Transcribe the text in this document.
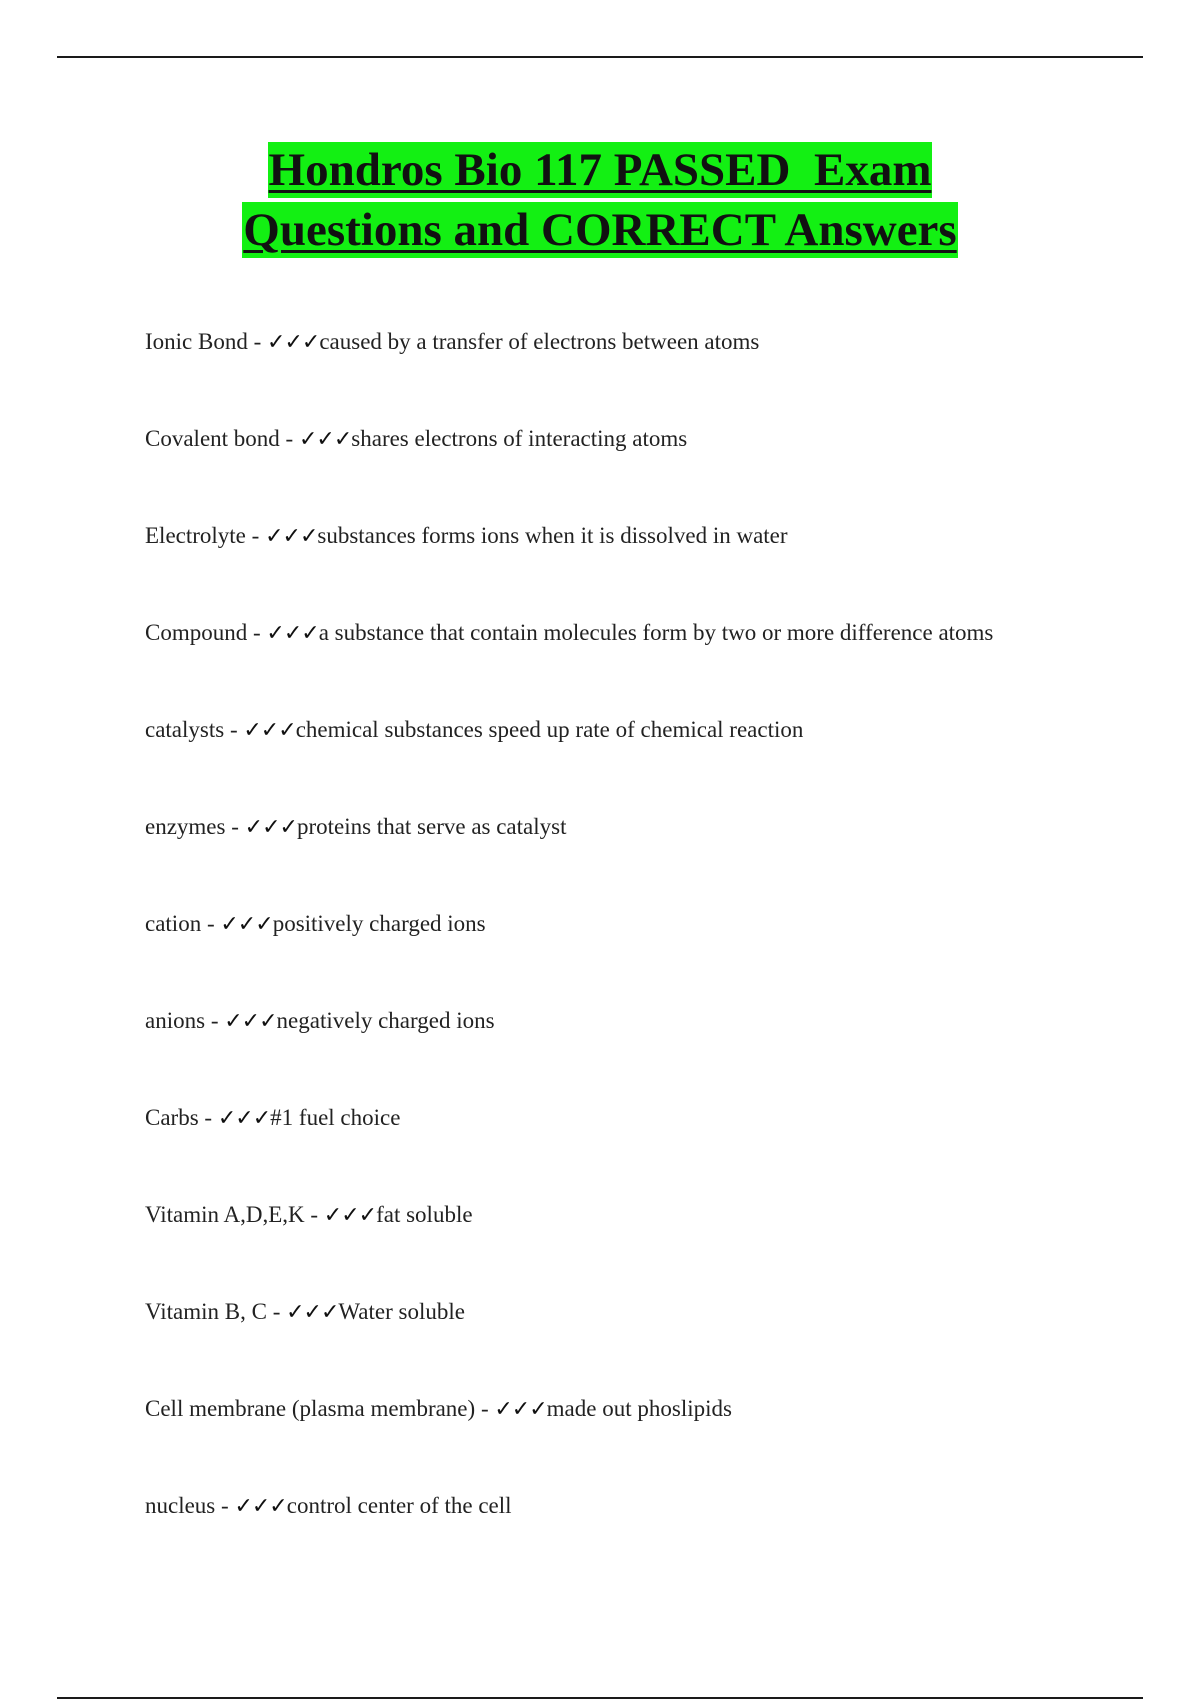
Hondros Bio 117 PASSED  Exam
Questions and CORRECT Answers
Ionic Bond - ✓✓✓caused by a transfer of electrons between atoms
Covalent bond - ✓✓✓shares electrons of interacting atoms
Electrolyte - ✓✓✓substances forms ions when it is dissolved in water
Compound - ✓✓✓a substance that contain molecules form by two or more difference atoms
catalysts - ✓✓✓chemical substances speed up rate of chemical reaction
enzymes - ✓✓✓proteins that serve as catalyst
cation - ✓✓✓positively charged ions
anions - ✓✓✓negatively charged ions
Carbs - ✓✓✓#1 fuel choice
Vitamin A,D,E,K - ✓✓✓fat soluble
Vitamin B, C - ✓✓✓Water soluble
Cell membrane (plasma membrane) - ✓✓✓made out phoslipids
nucleus - ✓✓✓control center of the cell
